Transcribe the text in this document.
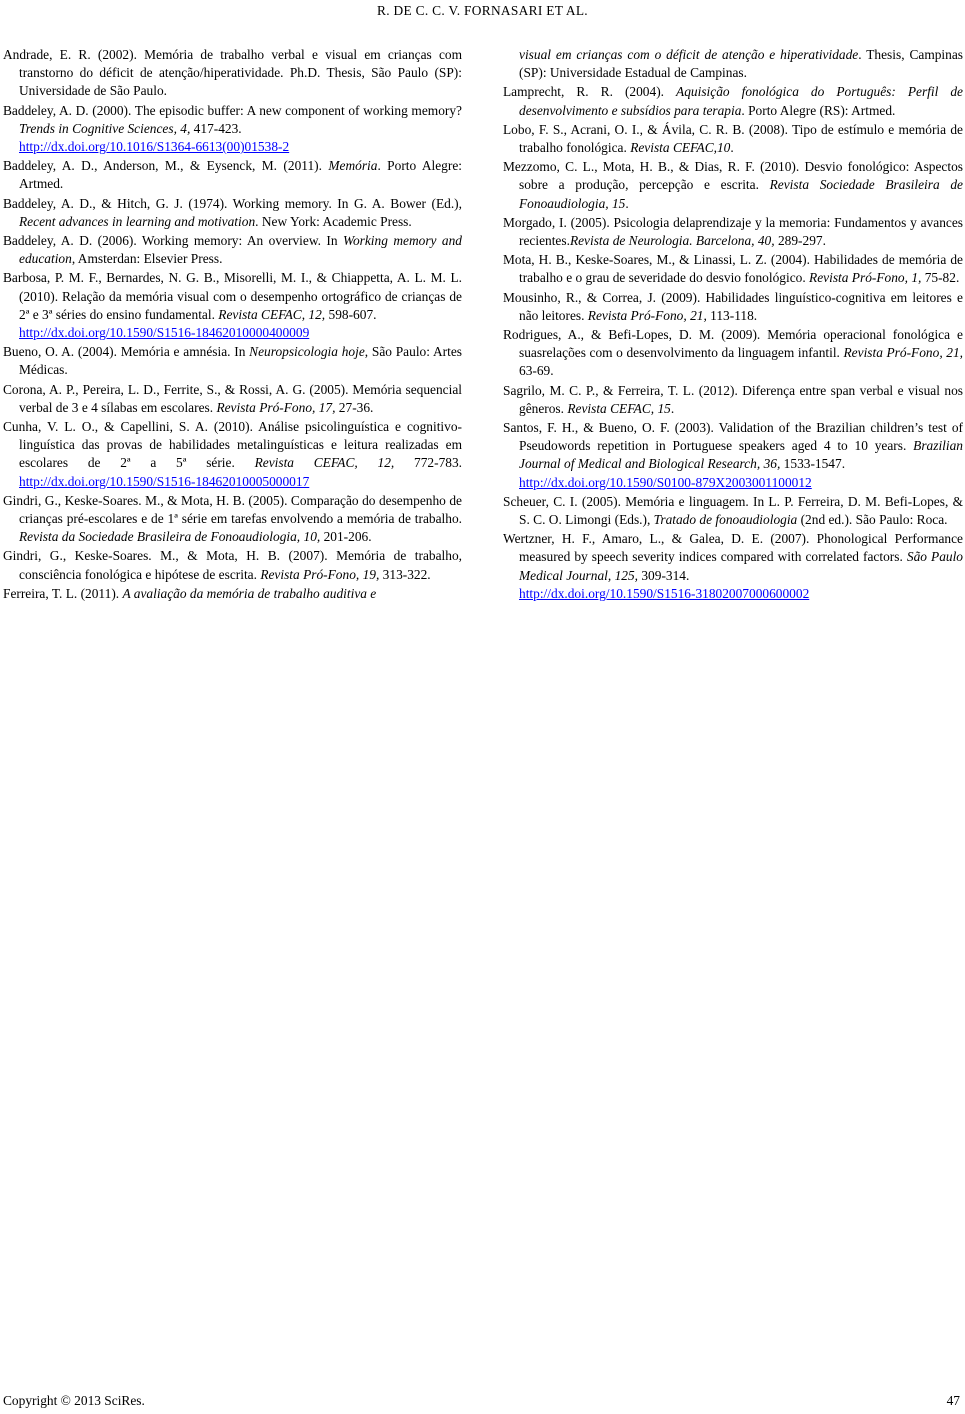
R. DE C. C. V. FORNASARI ET AL.

Andrade, E. R. (2002). Memória de trabalho verbal e visual em crianças com transtorno do déficit de atenção/hiperatividade. Ph.D. Thesis, São Paulo (SP): Universidade de São Paulo.

Baddeley, A. D. (2000). The episodic buffer: A new component of working memory? Trends in Cognitive Sciences, 4, 417-423.
http://dx.doi.org/10.1016/S1364-6613(00)01538-2

Baddeley, A. D., Anderson, M., & Eysenck, M. (2011). Memória. Porto Alegre: Artmed.

Baddeley, A. D., & Hitch, G. J. (1974). Working memory. In G. A. Bower (Ed.), Recent advances in learning and motivation. New York: Academic Press.

Baddeley, A. D. (2006). Working memory: An overview. In Working memory and education, Amsterdan: Elsevier Press.

Barbosa, P. M. F., Bernardes, N. G. B., Misorelli, M. I., & Chiappetta, A. L. M. L. (2010). Relação da memória visual com o desempenho ortográfico de crianças de 2ª e 3ª séries do ensino fundamental. Revista CEFAC, 12, 598-607.
http://dx.doi.org/10.1590/S1516-18462010000400009

Bueno, O. A. (2004). Memória e amnésia. In Neuropsicologia hoje, São Paulo: Artes Médicas.

Corona, A. P., Pereira, L. D., Ferrite, S., & Rossi, A. G. (2005). Memória sequencial verbal de 3 e 4 sílabas em escolares. Revista Pró-Fono, 17, 27-36.

Cunha, V. L. O., & Capellini, S. A. (2010). Análise psicolinguística e cognitivo-linguística das provas de habilidades metalinguísticas e leitura realizadas em escolares de 2ª a 5ª série. Revista CEFAC, 12, 772-783. http://dx.doi.org/10.1590/S1516-18462010005000017

Gindri, G., Keske-Soares. M., & Mota, H. B. (2005). Comparação do desempenho de crianças pré-escolares e de 1ª série em tarefas envolvendo a memória de trabalho. Revista da Sociedade Brasileira de Fonoaudiologia, 10, 201-206.

Gindri, G., Keske-Soares. M., & Mota, H. B. (2007). Memória de trabalho, consciência fonológica e hipótese de escrita. Revista Pró-Fono, 19, 313-322.

Ferreira, T. L. (2011). A avaliação da memória de trabalho auditiva e

visual em crianças com o déficit de atenção e hiperatividade. Thesis, Campinas (SP): Universidade Estadual de Campinas.

Lamprecht, R. R. (2004). Aquisição fonológica do Português: Perfil de desenvolvimento e subsídios para terapia. Porto Alegre (RS): Artmed.

Lobo, F. S., Acrani, O. I., & Ávila, C. R. B. (2008). Tipo de estímulo e memória de trabalho fonológica. Revista CEFAC,10.

Mezzomo, C. L., Mota, H. B., & Dias, R. F. (2010). Desvio fonológico: Aspectos sobre a produção, percepção e escrita. Revista Sociedade Brasileira de Fonoaudiologia, 15.

Morgado, I. (2005). Psicologia delaprendizaje y la memoria: Fundamentos y avances recientes.Revista de Neurologia. Barcelona, 40, 289-297.

Mota, H. B., Keske-Soares, M., & Linassi, L. Z. (2004). Habilidades de memória de trabalho e o grau de severidade do desvio fonológico. Revista Pró-Fono, 1, 75-82.

Mousinho, R., & Correa, J. (2009). Habilidades linguístico-cognitiva em leitores e não leitores. Revista Pró-Fono, 21, 113-118.

Rodrigues, A., & Befi-Lopes, D. M. (2009). Memória operacional fonológica e suasrelações com o desenvolvimento da linguagem infantil. Revista Pró-Fono, 21, 63-69.

Sagrilo, M. C. P., & Ferreira, T. L. (2012). Diferença entre span verbal e visual nos gêneros. Revista CEFAC, 15.

Santos, F. H., & Bueno, O. F. (2003). Validation of the Brazilian children’s test of Pseudowords repetition in Portuguese speakers aged 4 to 10 years. Brazilian Journal of Medical and Biological Research, 36, 1533-1547.
http://dx.doi.org/10.1590/S0100-879X2003001100012

Scheuer, C. I. (2005). Memória e linguagem. In L. P. Ferreira, D. M. Befi-Lopes, & S. C. O. Limongi (Eds.), Tratado de fonoaudiologia (2nd ed.). São Paulo: Roca.

Wertzner, H. F., Amaro, L., & Galea, D. E. (2007). Phonological Performance measured by speech severity indices compared with correlated factors. São Paulo Medical Journal, 125, 309-314.
http://dx.doi.org/10.1590/S1516-31802007000600002

Copyright © 2013 SciRes.	47
